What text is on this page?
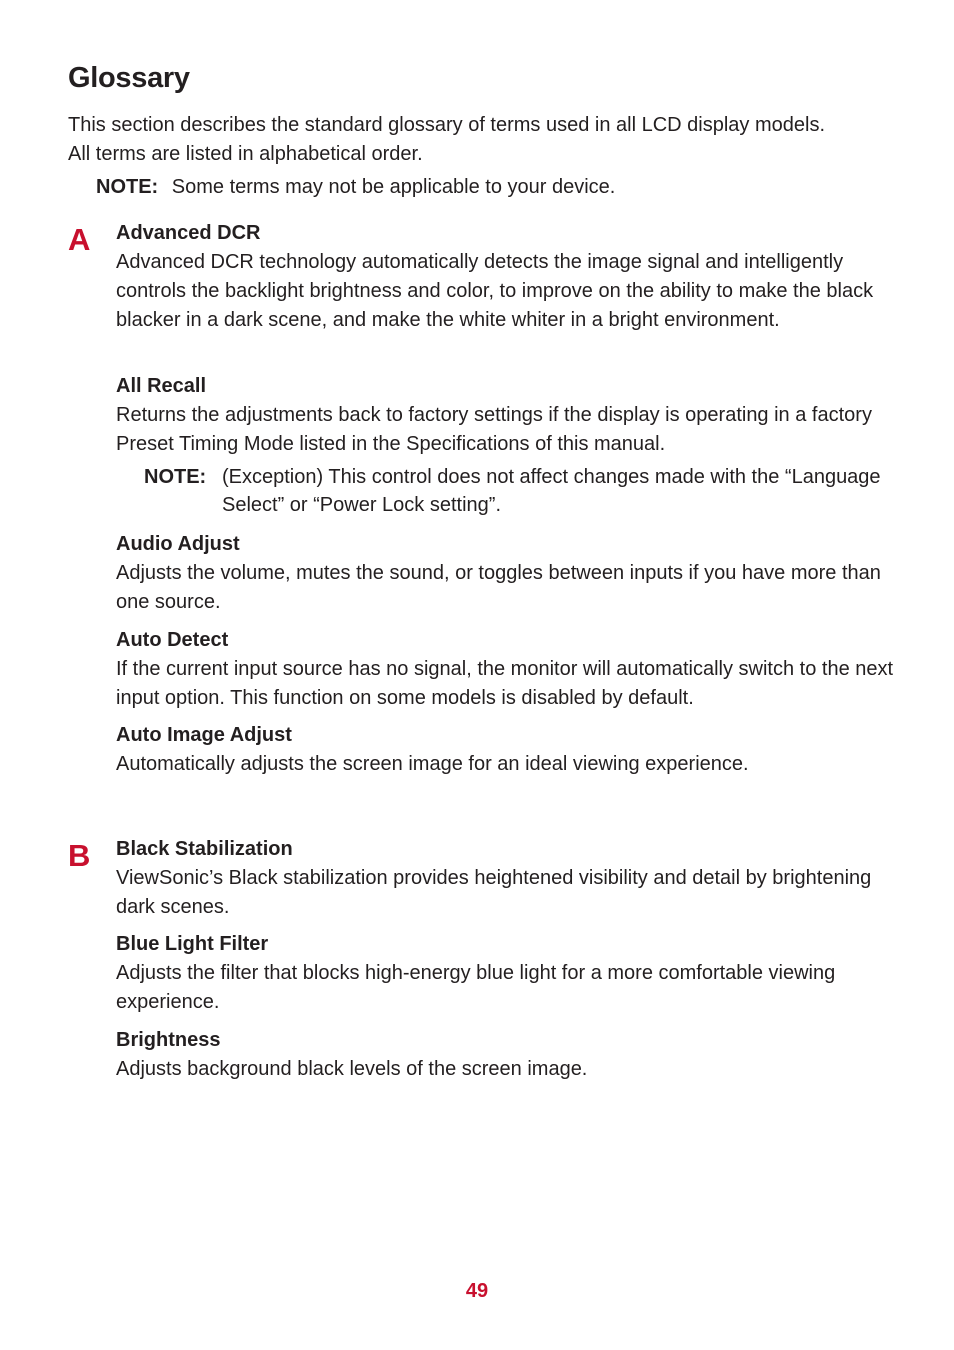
Glossary

This section describes the standard glossary of terms used in all LCD display models.

All terms are listed in alphabetical order.

NOTE: Some terms may not be applicable to your device.
A Advanced DCR

Advanced DCR technology automatically detects the image signal and intelligently controls the backlight brightness and color, to improve on the ability to make the black blacker in a dark scene, and make the white whiter in a bright environment.

All Recall

Returns the adjustments back to factory settings if the display is operating in a factory Preset Timing Mode listed in the Specifications of this manual.

NOTE: (Exception) This control does not affect changes made with the “Language Select” or “Power Lock setting”.

Audio Adjust

Adjusts the volume, mutes the sound, or toggles between inputs if you have more than one source.

Auto Detect

If the current input source has no signal, the monitor will automatically switch to the next input option. This function on some models is disabled by default.

Auto Image Adjust

Automatically adjusts the screen image for an ideal viewing experience.

B Black Stabilization

ViewSonic’s Black stabilization provides heightened visibility and detail by brightening dark scenes.

Blue Light Filter

Adjusts the filter that blocks high-energy blue light for a more comfortable viewing experience.

Brightness

Adjusts background black levels of the screen image.

49
